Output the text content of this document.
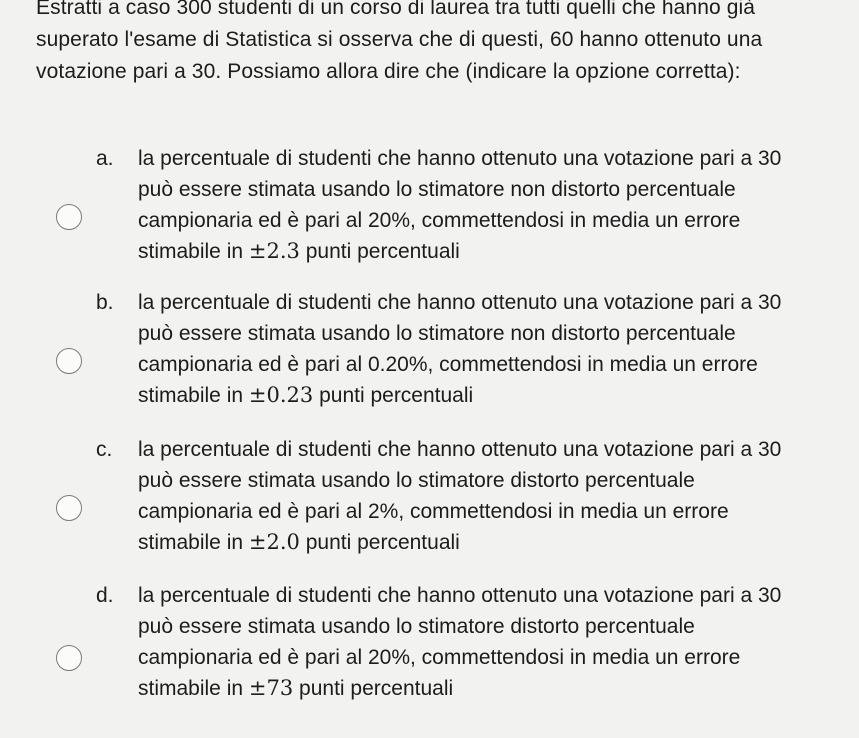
Estratti a caso 300 studenti di un corso di laurea tra tutti quelli che hanno già
superato l'esame di Statistica si osserva che di questi, 60 hanno ottenuto una
votazione pari a 30. Possiamo allora dire che (indicare la opzione corretta):
a. la percentuale di studenti che hanno ottenuto una votazione pari a 30
può essere stimata usando lo stimatore non distorto percentuale
campionaria ed è pari al 20%, commettendosi in media un errore
stimabile in ±2.3 punti percentuali
b. la percentuale di studenti che hanno ottenuto una votazione pari a 30
può essere stimata usando lo stimatore non distorto percentuale
campionaria ed è pari al 0.20%, commettendosi in media un errore
stimabile in ±0.23 punti percentuali
c. la percentuale di studenti che hanno ottenuto una votazione pari a 30
può essere stimata usando lo stimatore distorto percentuale
campionaria ed è pari al 2%, commettendosi in media un errore
stimabile in ±2.0 punti percentuali
d. la percentuale di studenti che hanno ottenuto una votazione pari a 30
può essere stimata usando lo stimatore distorto percentuale
campionaria ed è pari al 20%, commettendosi in media un errore
stimabile in ±73 punti percentuali
